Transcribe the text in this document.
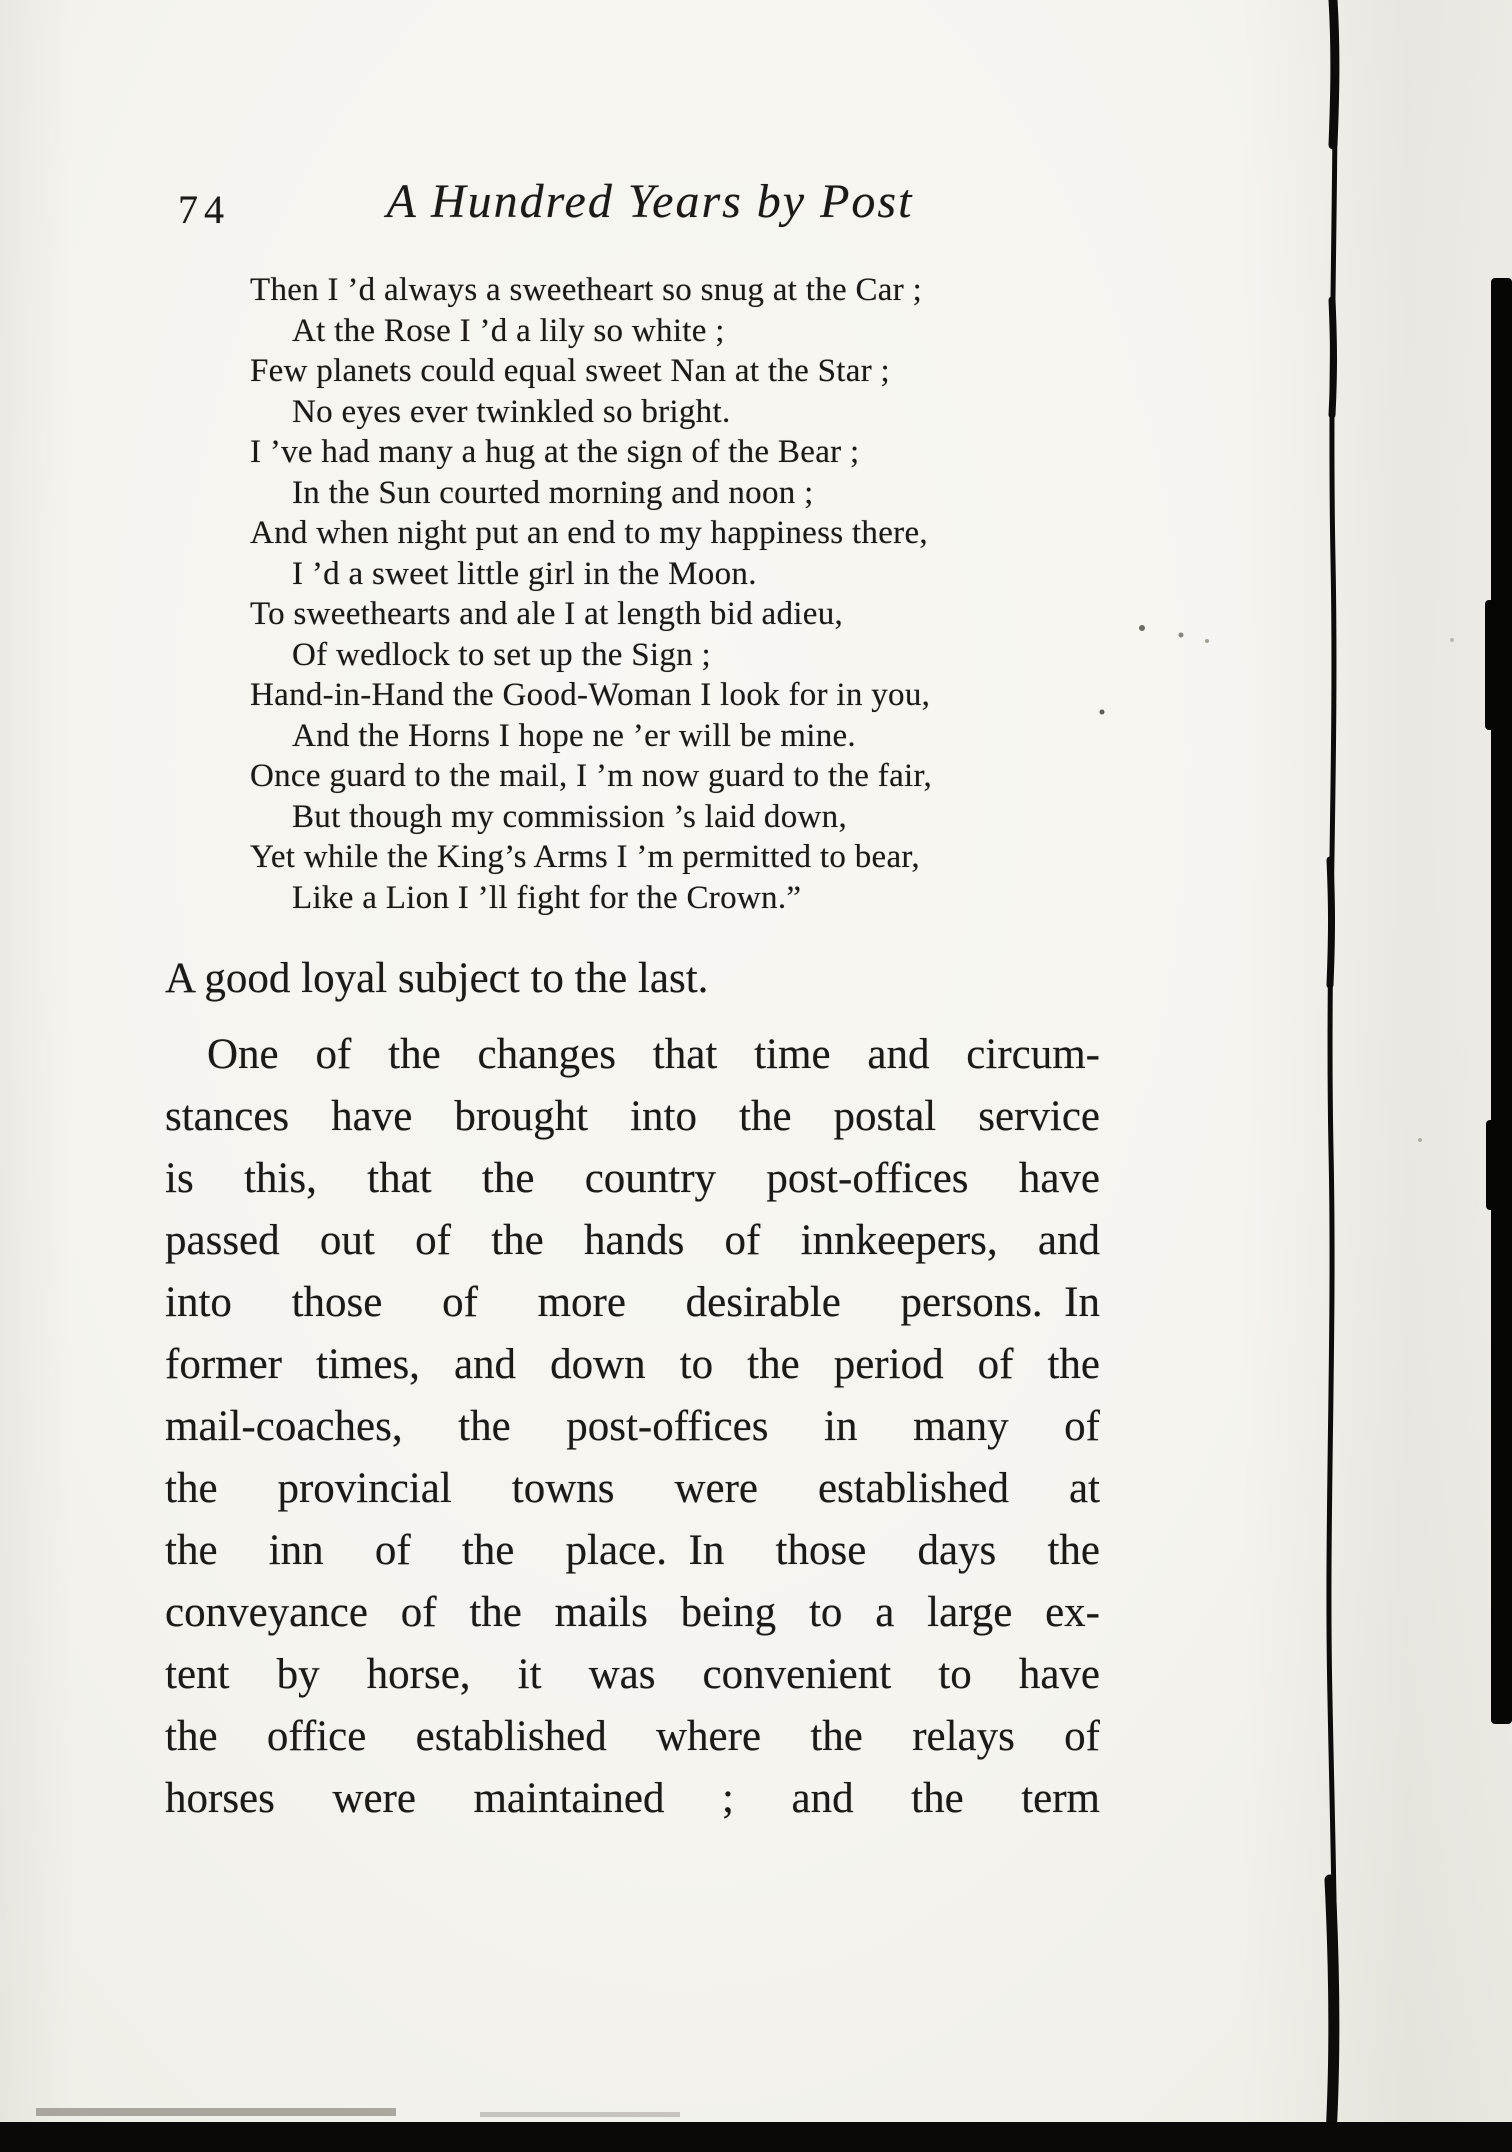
74	A Hundred Years by Post
Then I ’d always a sweetheart so snug at the Car ;
At the Rose I ’d a lily so white ;
Few planets could equal sweet Nan at the Star ;
No eyes ever twinkled so bright.
I ’ve had many a hug at the sign of the Bear ;
In the Sun courted morning and noon ;
And when night put an end to my happiness there,
I ’d a sweet little girl in the Moon.
To sweethearts and ale I at length bid adieu,
Of wedlock to set up the Sign ;
Hand-in-Hand the Good-Woman I look for in you,
And the Horns I hope ne ’er will be mine.
Once guard to the mail, I ’m now guard to the fair,
But though my commission ’s laid down,
Yet while the King’s Arms I ’m permitted to bear,
Like a Lion I ’ll fight for the Crown.”
A good loyal subject to the last.
One of the changes that time and circum-
stances have brought into the postal service
is this, that the country post-offices have
passed out of the hands of innkeepers, and
into those of more desirable persons. In
former times, and down to the period of the
mail-coaches, the post-offices in many of
the provincial towns were established at
the inn of the place. In those days the
conveyance of the mails being to a large ex-
tent by horse, it was convenient to have
the office established where the relays of
horses were maintained ; and the term
